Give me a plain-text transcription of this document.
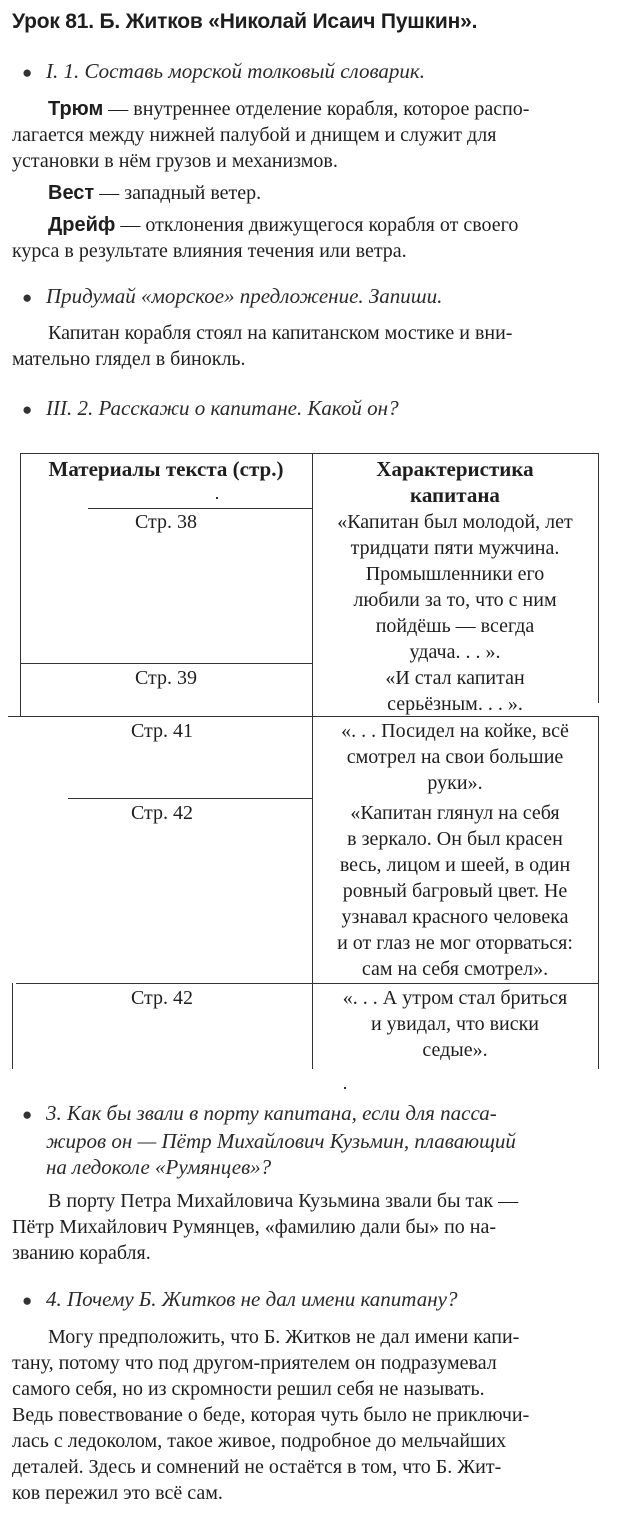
Урок 81. Б. Житков «Николай Исаич Пушкин».
● I. 1. Составь морской толковый словарик.
Трюм — внутреннее отделение корабля, которое распо-
лагается между нижней палубой и днищем и служит для
установки в нём грузов и механизмов.
Вест — западный ветер.
Дрейф — отклонения движущегося корабля от своего
курса в результате влияния течения или ветра.
● Придумай «морское» предложение. Запиши.
Капитан корабля стоял на капитанском мостике и вни-
мательно глядел в бинокль.
● III. 2. Расскажи о капитане. Какой он?
Материалы текста (стр.)	Характеристика
капитана
Стр. 38	«Капитан был молодой, лет
тридцати пяти мужчина.
Промышленники его
любили за то, что с ним
пойдёшь — всегда
удача. . . ».
Стр. 39	«И стал капитан
серьёзным. . . ».
Стр. 41	«. . . Посидел на койке, всё
смотрел на свои большие
руки».
Стр. 42	«Капитан глянул на себя
в зеркало. Он был красен
весь, лицом и шеей, в один
ровный багровый цвет. Не
узнавал красного человека
и от глаз не мог оторваться:
сам на себя смотрел».
Стр. 42	«. . . А утром стал бриться
и увидал, что виски
седые».
● 3. Как бы звали в порту капитана, если для пасса-
жиров он — Пётр Михайлович Кузьмин, плавающий
на ледоколе «Румянцев»?
В порту Петра Михайловича Кузьмина звали бы так —
Пётр Михайлович Румянцев, «фамилию дали бы» по на-
званию корабля.
● 4. Почему Б. Житков не дал имени капитану?
Могу предположить, что Б. Житков не дал имени капи-
тану, потому что под другом-приятелем он подразумевал
самого себя, но из скромности решил себя не называть.
Ведь повествование о беде, которая чуть было не приключи-
лась с ледоколом, такое живое, подробное до мельчайших
деталей. Здесь и сомнений не остаётся в том, что Б. Жит-
ков пережил это всё сам.
